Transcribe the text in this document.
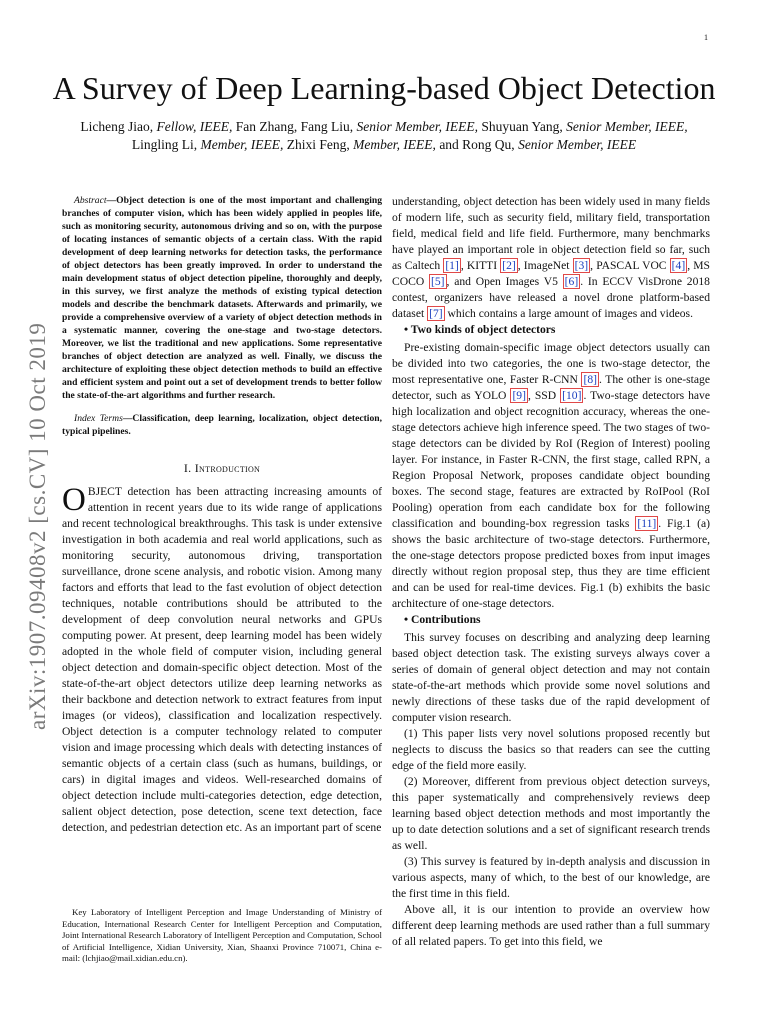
1
arXiv:1907.09408v2 [cs.CV] 10 Oct 2019
A Survey of Deep Learning-based Object Detection
Licheng Jiao, Fellow, IEEE, Fan Zhang, Fang Liu, Senior Member, IEEE, Shuyuan Yang, Senior Member, IEEE,
Lingling Li, Member, IEEE, Zhixi Feng, Member, IEEE, and Rong Qu, Senior Member, IEEE

Abstract—Object detection is one of the most important and challenging branches of computer vision, which has been widely applied in peoples life, such as monitoring security, autonomous driving and so on, with the purpose of locating instances of semantic objects of a certain class. With the rapid development of deep learning networks for detection tasks, the performance of object detectors has been greatly improved. In order to understand the main development status of object detection pipeline, thoroughly and deeply, in this survey, we first analyze the methods of existing typical detection models and describe the benchmark datasets. Afterwards and primarily, we provide a comprehensive overview of a variety of object detection methods in a systematic manner, covering the one-stage and two-stage detectors. Moreover, we list the traditional and new applications. Some representative branches of object detection are analyzed as well. Finally, we discuss the architecture of exploiting these object detection methods to build an effective and efficient system and point out a set of development trends to better follow the state-of-the-art algorithms and further research.

Index Terms—Classification, deep learning, localization, object detection, typical pipelines.

I. Introduction

OBJECT detection has been attracting increasing amounts of attention in recent years due to its wide range of applications and recent technological breakthroughs. This task is under extensive investigation in both academia and real world applications, such as monitoring security, autonomous driving, transportation surveillance, drone scene analysis, and robotic vision. Among many factors and efforts that lead to the fast evolution of object detection techniques, notable contributions should be attributed to the development of deep convolution neural networks and GPUs computing power. At present, deep learning model has been widely adopted in the whole field of computer vision, including general object detection and domain-specific object detection. Most of the state-of-the-art object detectors utilize deep learning networks as their backbone and detection network to extract features from input images (or videos), classification and localization respectively. Object detection is a computer technology related to computer vision and image processing which deals with detecting instances of semantic objects of a certain class (such as humans, buildings, or cars) in digital images and videos. Well-researched domains of object detection include multi-categories detection, edge detection, salient object detection, pose detection, scene text detection, face detection, and pedestrian detection etc. As an important part of scene

Key Laboratory of Intelligent Perception and Image Understanding of Ministry of Education, International Research Center for Intelligent Perception and Computation, Joint International Research Laboratory of Intelligent Perception and Computation, School of Artificial Intelligence, Xidian University, Xian, Shaanxi Province 710071, China e-mail: (lchjiao@mail.xidian.edu.cn).

understanding, object detection has been widely used in many fields of modern life, such as security field, military field, transportation field, medical field and life field. Furthermore, many benchmarks have played an important role in object detection field so far, such as Caltech [1] , KITTI [2] , ImageNet [3] , PASCAL VOC [4] , MS COCO [5] , and Open Images V5 [6] . In ECCV VisDrone 2018 contest, organizers have released a novel drone platform-based dataset [7] which contains a large amount of images and videos.

• Two kinds of object detectors

Pre-existing domain-specific image object detectors usually can be divided into two categories, the one is two-stage detector, the most representative one, Faster R-CNN [8] . The other is one-stage detector, such as YOLO [9] , SSD [10] . Two-stage detectors have high localization and object recognition accuracy, whereas the one-stage detectors achieve high inference speed. The two stages of two-stage detectors can be divided by RoI (Region of Interest) pooling layer. For instance, in Faster R-CNN, the first stage, called RPN, a Region Proposal Network, proposes candidate object bounding boxes. The second stage, features are extracted by RoIPool (RoI Pooling) operation from each candidate box for the following classification and bounding-box regression tasks [11] . Fig.1 (a) shows the basic architecture of two-stage detectors. Furthermore, the one-stage detectors propose predicted boxes from input images directly without region proposal step, thus they are time efficient and can be used for real-time devices. Fig.1 (b) exhibits the basic architecture of one-stage detectors.

• Contributions

This survey focuses on describing and analyzing deep learning based object detection task. The existing surveys always cover a series of domain of general object detection and may not contain state-of-the-art methods which provide some novel solutions and newly directions of these tasks due of the rapid development of computer vision research.

(1) This paper lists very novel solutions proposed recently but neglects to discuss the basics so that readers can see the cutting edge of the field more easily.

(2) Moreover, different from previous object detection surveys, this paper systematically and comprehensively reviews deep learning based object detection methods and most importantly the up to date detection solutions and a set of significant research trends as well.

(3) This survey is featured by in-depth analysis and discussion in various aspects, many of which, to the best of our knowledge, are the first time in this field.

Above all, it is our intention to provide an overview how different deep learning methods are used rather than a full summary of all related papers. To get into this field, we
